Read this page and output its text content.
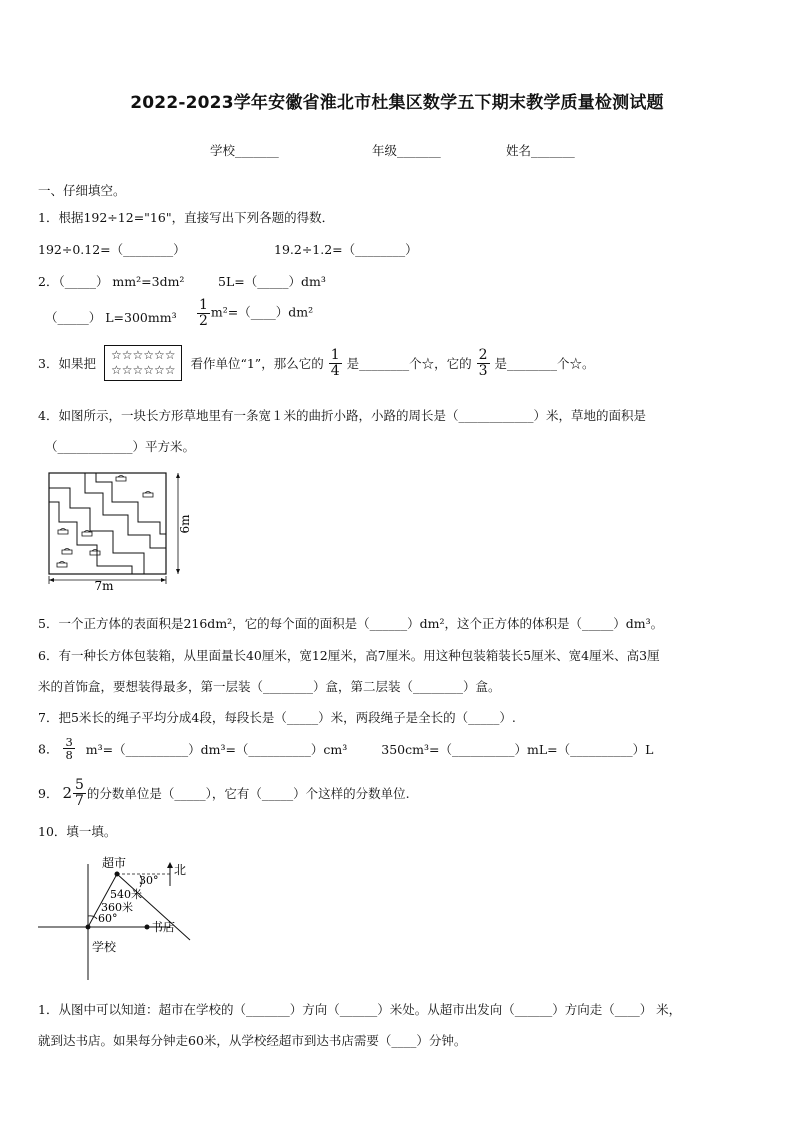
2022-2023学年安徽省淮北市杜集区数学五下期末教学质量检测试题
学校_______	年级_______	姓名_______
一、仔细填空。
1．根据192÷12="16"，直接写出下列各题的得数．
192÷0.12=（________）	19.2÷1.2=（________）
2．（_____） mm²=3dm²	5L=（_____）dm³
（_____） $L=300mm^3 \frac{1}{2}$ m²=（____）dm²
3．如果把
☆☆☆☆☆☆
☆☆☆☆☆☆ 看作单位“1”，那么它的 $\frac{1}{4}$ 是________个☆，它的 $\frac{2}{3}$ 是________个☆。
4．如图所示，一块长方形草地里有一条宽１米的曲折小路，小路的周长是（____________）米，草地的面积是
（____________）平方米。
7m
6m
5．一个正方体的表面积是216dm²，它的每个面的面积是（______）dm²，这个正方体的体积是（_____）dm³。
6．有一种长方体包装箱，从里面量长40厘米，宽12厘米，高7厘米。用这种包装箱装长5厘米、宽4厘米、高3厘
米的首饰盒，要想装得最多，第一层装（________）盒，第二层装（________）盒。
7．把5米长的绳子平均分成4段，每段长是（_____）米，两段绳子是全长的（_____）.
8． $\frac{3}{8}$ m³=（__________）dm³=（__________）cm³	350cm³=（__________）mL=（__________）L
9． $2 \frac{5}{7}$ 的分数单位是（_____），它有（_____）个这样的分数单位.
10．填一填。
超市	北
30°
540米
360米
60°
书店
学校
1．从图中可以知道：超市在学校的（_______）方向（______）米处。从超市出发向（______）方向走（____） 米，
就到达书店。如果每分钟走60米，从学校经超市到达书店需要（____）分钟。
